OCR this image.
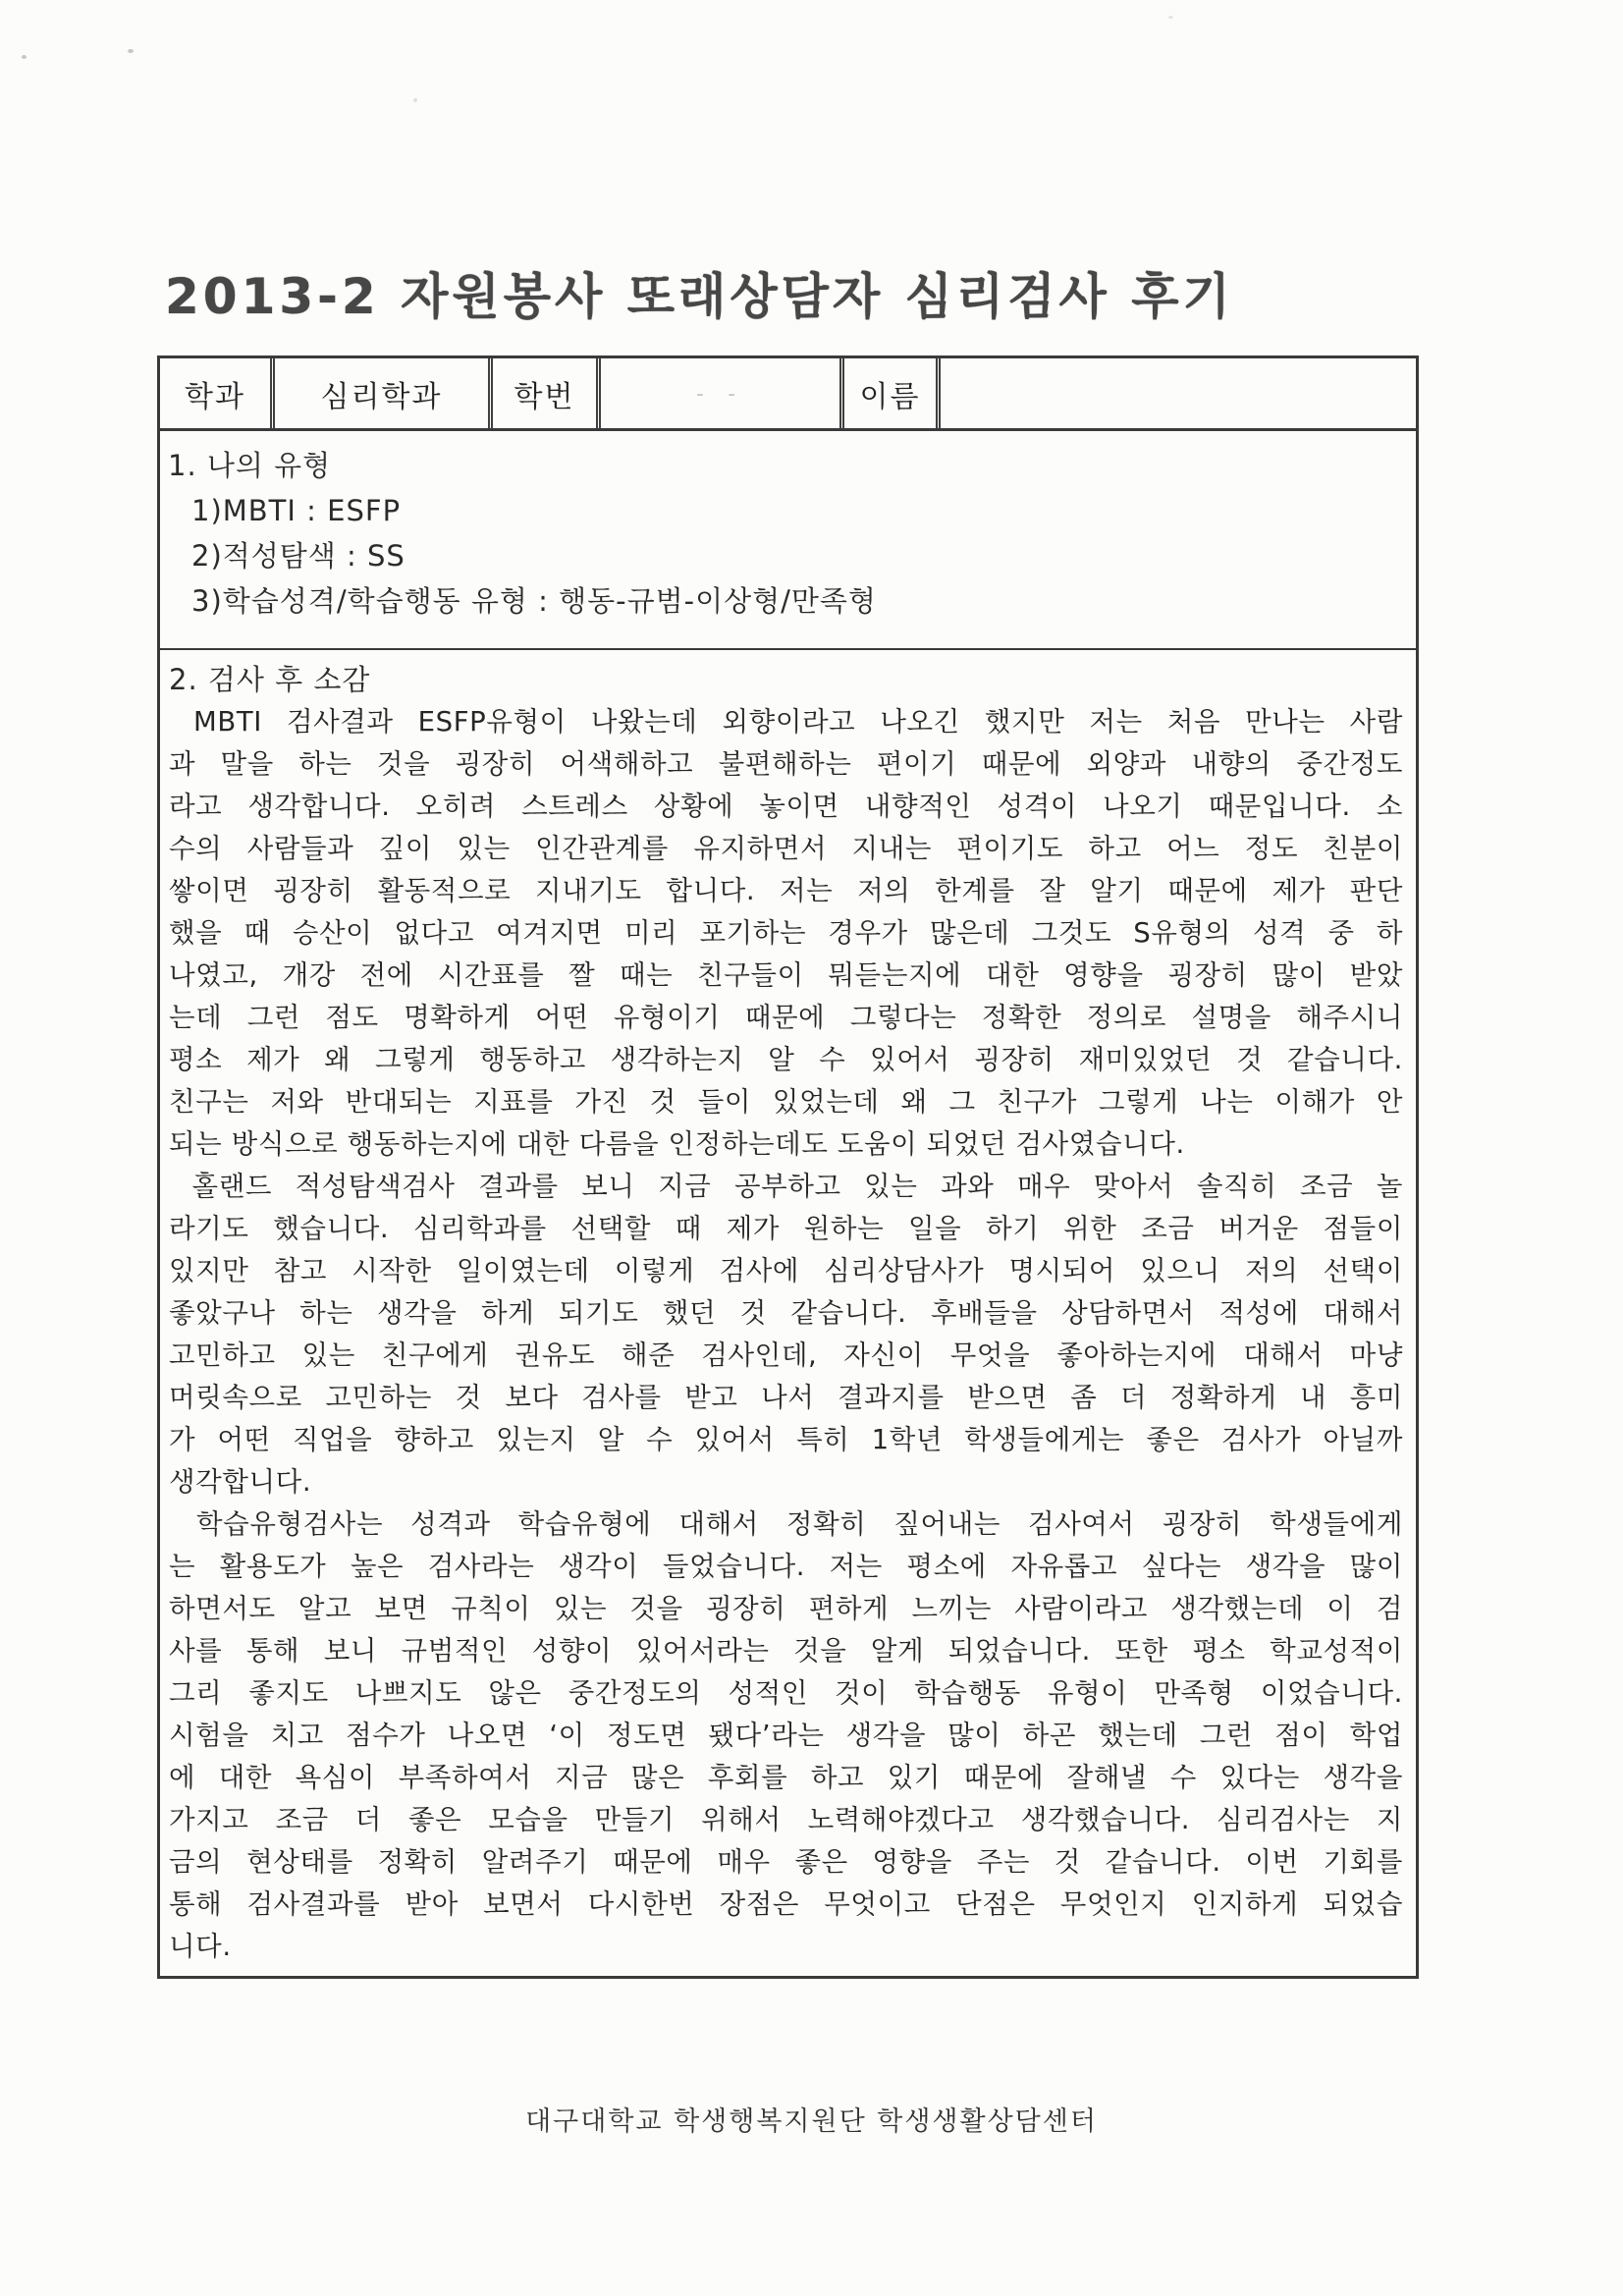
2013-2 자원봉사 또래상담자 심리검사 후기
학과	심리학과	학번	- -	이름
1. 나의 유형
1)MBTI : ESFP
2)적성탐색 : SS
3)학습성격/학습행동 유형 : 행동-규범-이상형/만족형
2. 검사 후 소감
MBTI 검사결과 ESFP유형이 나왔는데 외향이라고 나오긴 했지만 저는 처음 만나는 사람
과 말을 하는 것을 굉장히 어색해하고 불편해하는 편이기 때문에 외양과 내향의 중간정도
라고 생각합니다. 오히려 스트레스 상황에 놓이면 내향적인 성격이 나오기 때문입니다. 소
수의 사람들과 깊이 있는 인간관계를 유지하면서 지내는 편이기도 하고 어느 정도 친분이
쌓이면 굉장히 활동적으로 지내기도 합니다. 저는 저의 한계를 잘 알기 때문에 제가 판단
했을 때 승산이 없다고 여겨지면 미리 포기하는 경우가 많은데 그것도 S유형의 성격 중 하
나였고, 개강 전에 시간표를 짤 때는 친구들이 뭐듣는지에 대한 영향을 굉장히 많이 받았
는데 그런 점도 명확하게 어떤 유형이기 때문에 그렇다는 정확한 정의로 설명을 해주시니
평소 제가 왜 그렇게 행동하고 생각하는지 알 수 있어서 굉장히 재미있었던 것 같습니다.
친구는 저와 반대되는 지표를 가진 것 들이 있었는데 왜 그 친구가 그렇게 나는 이해가 안
되는 방식으로 행동하는지에 대한 다름을 인정하는데도 도움이 되었던 검사였습니다.
홀랜드 적성탐색검사 결과를 보니 지금 공부하고 있는 과와 매우 맞아서 솔직히 조금 놀
라기도 했습니다. 심리학과를 선택할 때 제가 원하는 일을 하기 위한 조금 버거운 점들이
있지만 참고 시작한 일이였는데 이렇게 검사에 심리상담사가 명시되어 있으니 저의 선택이
좋았구나 하는 생각을 하게 되기도 했던 것 같습니다. 후배들을 상담하면서 적성에 대해서
고민하고 있는 친구에게 권유도 해준 검사인데, 자신이 무엇을 좋아하는지에 대해서 마냥
머릿속으로 고민하는 것 보다 검사를 받고 나서 결과지를 받으면 좀 더 정확하게 내 흥미
가 어떤 직업을 향하고 있는지 알 수 있어서 특히 1학년 학생들에게는 좋은 검사가 아닐까
생각합니다.
학습유형검사는 성격과 학습유형에 대해서 정확히 짚어내는 검사여서 굉장히 학생들에게
는 활용도가 높은 검사라는 생각이 들었습니다. 저는 평소에 자유롭고 싶다는 생각을 많이
하면서도 알고 보면 규칙이 있는 것을 굉장히 편하게 느끼는 사람이라고 생각했는데 이 검
사를 통해 보니 규범적인 성향이 있어서라는 것을 알게 되었습니다. 또한 평소 학교성적이
그리 좋지도 나쁘지도 않은 중간정도의 성적인 것이 학습행동 유형이 만족형 이었습니다.
시험을 치고 점수가 나오면 ‘이 정도면 됐다’라는 생각을 많이 하곤 했는데 그런 점이 학업
에 대한 욕심이 부족하여서 지금 많은 후회를 하고 있기 때문에 잘해낼 수 있다는 생각을
가지고 조금 더 좋은 모습을 만들기 위해서 노력해야겠다고 생각했습니다. 심리검사는 지
금의 현상태를 정확히 알려주기 때문에 매우 좋은 영향을 주는 것 같습니다. 이번 기회를
통해 검사결과를 받아 보면서 다시한번 장점은 무엇이고 단점은 무엇인지 인지하게 되었습
니다.
대구대학교 학생행복지원단 학생생활상담센터
